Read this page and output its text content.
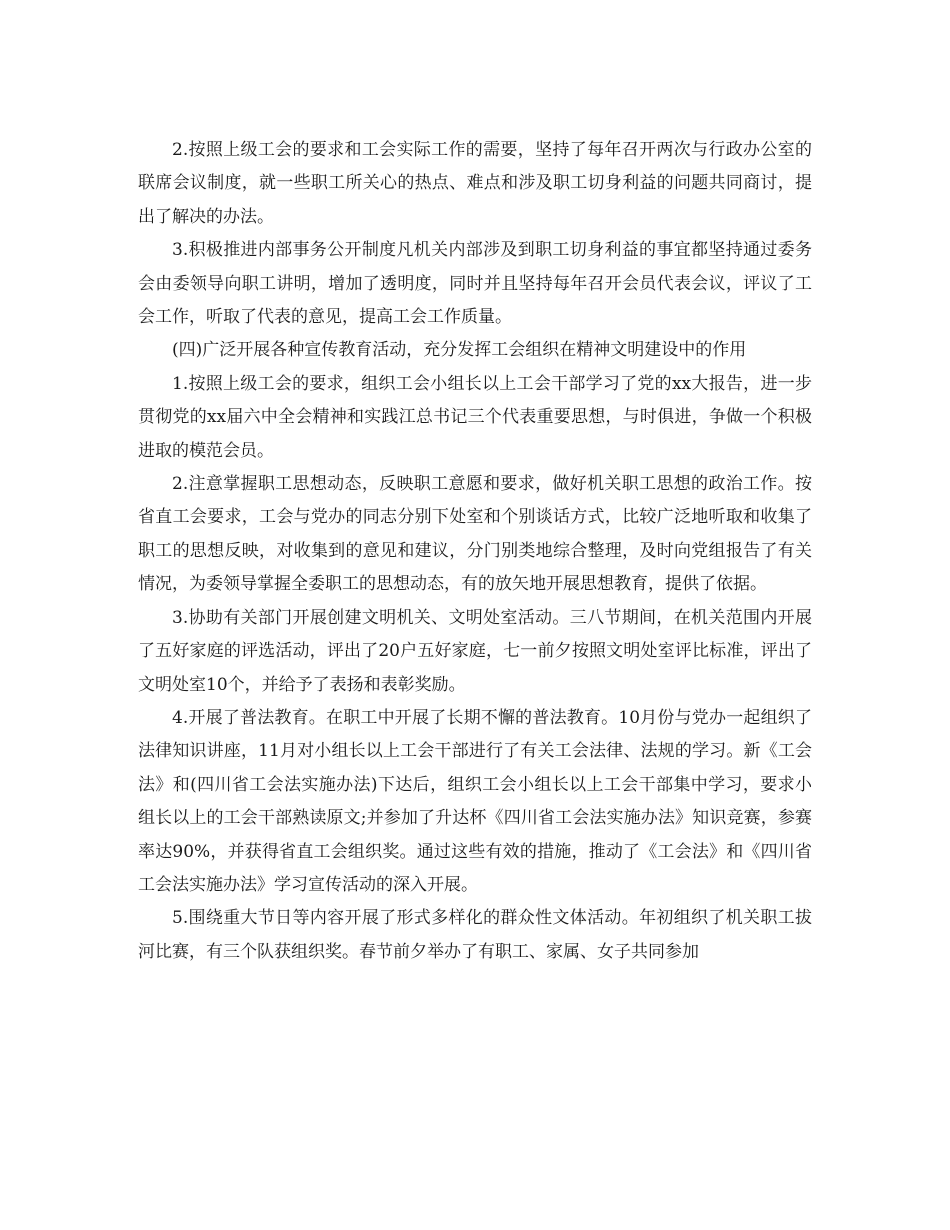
2.按照上级工会的要求和工会实际工作的需要，坚持了每年召开两次与行政办公室的联席会议制度，就一些职工所关心的热点、难点和涉及职工切身利益的问题共同商讨，提出了解决的办法。

3.积极推进内部事务公开制度凡机关内部涉及到职工切身利益的事宜都坚持通过委务会由委领导向职工讲明，增加了透明度，同时并且坚持每年召开会员代表会议，评议了工会工作，听取了代表的意见，提高工会工作质量。

(四)广泛开展各种宣传教育活动，充分发挥工会组织在精神文明建设中的作用

1.按照上级工会的要求，组织工会小组长以上工会干部学习了党的xx大报告，进一步贯彻党的xx届六中全会精神和实践江总书记三个代表重要思想，与时俱进，争做一个积极进取的模范会员。

2.注意掌握职工思想动态，反映职工意愿和要求，做好机关职工思想的政治工作。按省直工会要求，工会与党办的同志分别下处室和个别谈话方式，比较广泛地听取和收集了职工的思想反映，对收集到的意见和建议，分门别类地综合整理，及时向党组报告了有关情况，为委领导掌握全委职工的思想动态，有的放矢地开展思想教育，提供了依据。

3.协助有关部门开展创建文明机关、文明处室活动。三八节期间，在机关范围内开展了五好家庭的评选活动，评出了20户五好家庭，七一前夕按照文明处室评比标准，评出了文明处室10个，并给予了表扬和表彰奖励。

4.开展了普法教育。在职工中开展了长期不懈的普法教育。10月份与党办一起组织了法律知识讲座，11月对小组长以上工会干部进行了有关工会法律、法规的学习。新《工会法》和(四川省工会法实施办法)下达后，组织工会小组长以上工会干部集中学习，要求小组长以上的工会干部熟读原文;并参加了升达杯《四川省工会法实施办法》知识竞赛，参赛率达90%，并获得省直工会组织奖。通过这些有效的措施，推动了《工会法》和《四川省工会法实施办法》学习宣传活动的深入开展。

5.围绕重大节日等内容开展了形式多样化的群众性文体活动。年初组织了机关职工拔河比赛，有三个队获组织奖。春节前夕举办了有职工、家属、女子共同参加
